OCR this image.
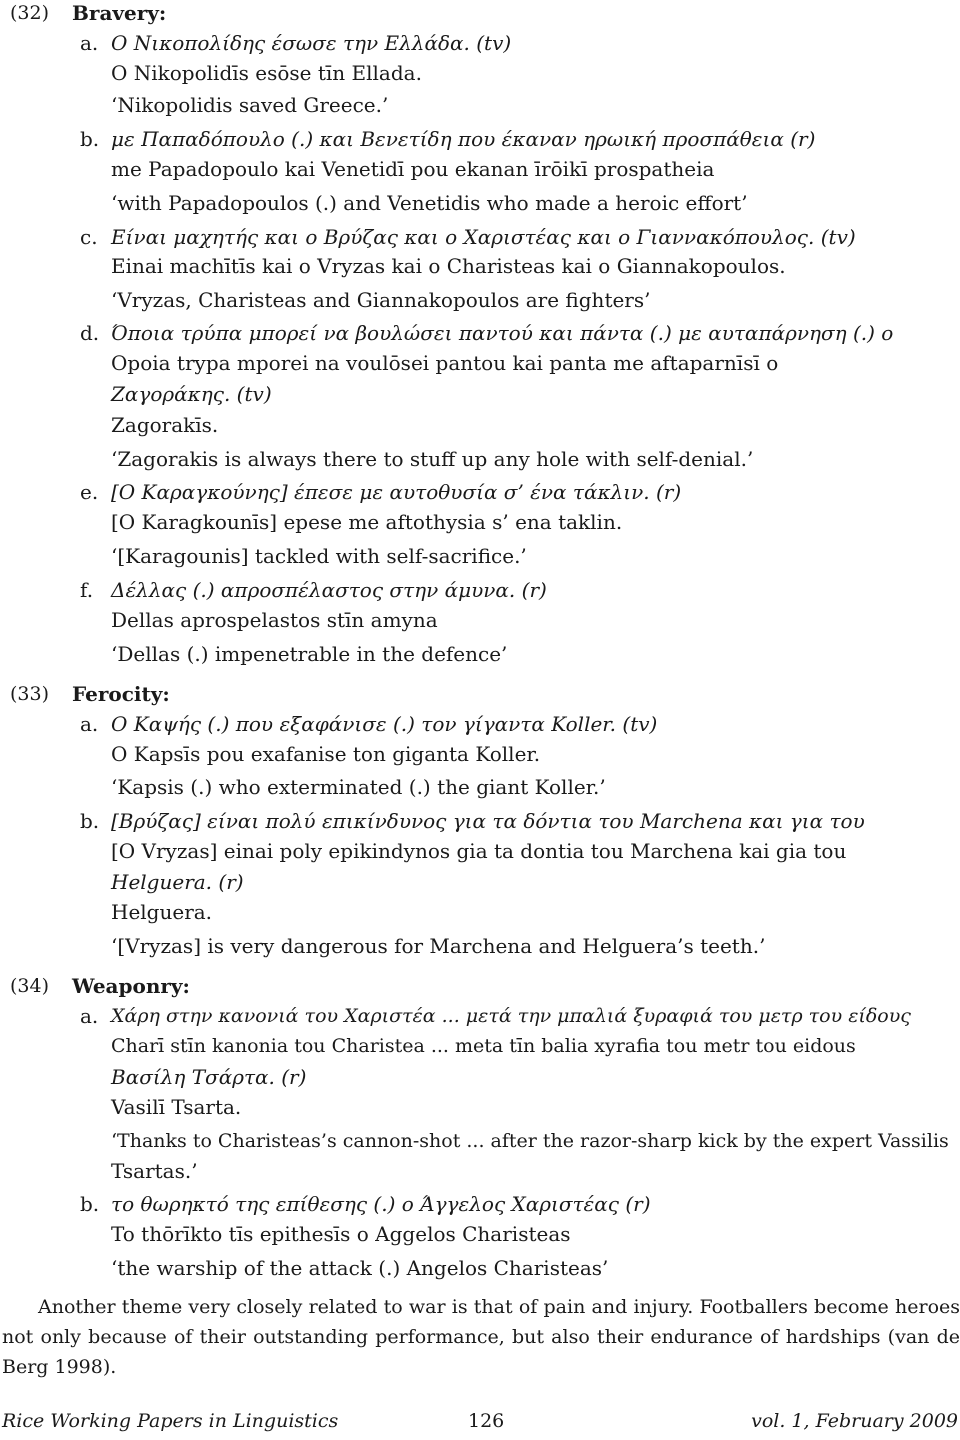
(32) Bravery:
a. Ο Νικοπολίδης έσωσε την Ελλάδα. (tv)
O Nikopolidīs esōse tīn Ellada.
‘Nikopolidis saved Greece.’
b. με Παπαδόπουλο (.) και Βενετίδη που έκαναν ηρωική προσπάθεια (r)
me Papadopoulo kai Venetidī pou ekanan īrōikī prospatheia
‘with Papadopoulos (.) and Venetidis who made a heroic effort’
c. Είναι μαχητής και ο Βρύζας και ο Χαριστέας και ο Γιαννακόπουλος. (tv)
Einai machītīs kai o Vryzas kai o Charisteas kai o Giannakopoulos.
‘Vryzas, Charisteas and Giannakopoulos are fighters’
d. Όποια τρύπα μπορεί να βουλώσει παντού και πάντα (.) με αυταπάρνηση (.) ο
Opoia trypa mporei na voulōsei pantou kai panta me aftaparnīsī o
Ζαγοράκης. (tv)
Zagorakīs.
‘Zagorakis is always there to stuff up any hole with self-denial.’
e. [Ο Καραγκούνης] έπεσε με αυτοθυσία σ’ ένα τάκλιν. (r)
[O Karagkounīs] epese me aftothysia s’ ena taklin.
‘[Karagounis] tackled with self-sacrifice.’
f. Δέλλας (.) απροσπέλαστος στην άμυνα. (r)
Dellas aprospelastos stīn amyna
‘Dellas (.) impenetrable in the defence’
(33) Ferocity:
a. Ο Καψής (.) που εξαφάνισε (.) τον γίγαντα Koller. (tv)
O Kapsīs pou exafanise ton giganta Koller.
‘Kapsis (.) who exterminated (.) the giant Koller.’
b. [Βρύζας] είναι πολύ επικίνδυνος για τα δόντια του Marchena και για του
[O Vryzas] einai poly epikindynos gia ta dontia tou Marchena kai gia tou
Helguera. (r)
Helguera.
‘[Vryzas] is very dangerous for Marchena and Helguera’s teeth.’
(34) Weaponry:
a. Χάρη στην κανονιά του Χαριστέα ... μετά την μπαλιά ξυραφιά του μετρ του είδους
Charī stīn kanonia tou Charistea ... meta tīn balia xyrafia tou metr tou eidous
Βασίλη Τσάρτα. (r)
Vasilī Tsarta.
‘Thanks to Charisteas’s cannon-shot ... after the razor-sharp kick by the expert Vassilis
Tsartas.’
b. το θωρηκτό της επίθεσης (.) ο Άγγελος Χαριστέας (r)
To thōrīkto tīs epithesīs o Aggelos Charisteas
‘the warship of the attack (.) Angelos Charisteas’
Another theme very closely related to war is that of pain and injury. Footballers become heroes not only because of their outstanding performance, but also their endurance of hardships (van de Berg 1998).
Rice Working Papers in Linguistics	126	vol. 1, February 2009
